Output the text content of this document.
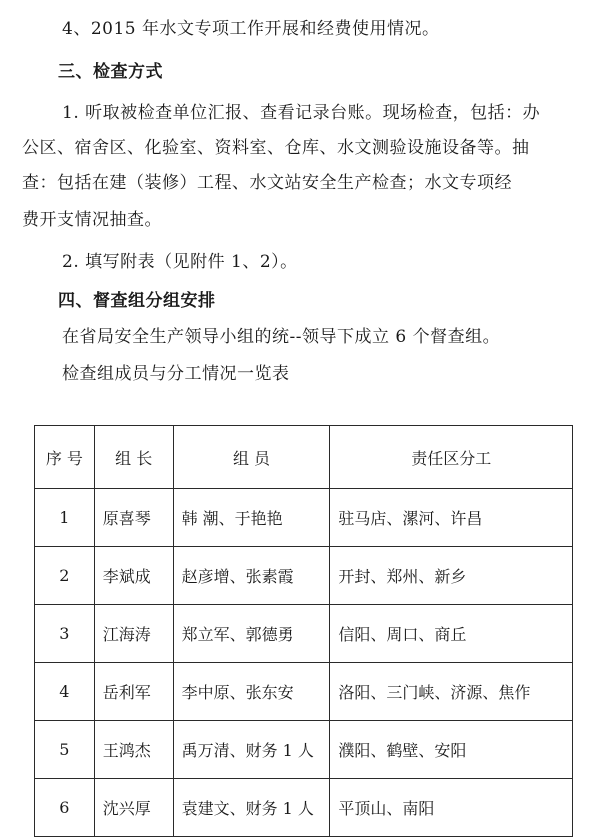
4、2015 年水文专项工作开展和经费使用情况。
三、检查方式
1. 听取被检查单位汇报、查看记录台账。现场检查，包括：办
公区、宿舍区、化验室、资料室、仓库、水文测验设施设备等。抽
查：包括在建（装修）工程、水文站安全生产检查；水文专项经
费开支情况抽查。
2. 填写附表（见附件 1、2）。
四、督查组分组安排
在省局安全生产领导小组的统--领导下成立 6 个督查组。
检查组成员与分工情况一览表
序 号	组 长	组 员	责任区分工
1	原喜琴	韩 潮、于艳艳	驻马店、漯河、许昌
2	李斌成	赵彦增、张素霞	开封、郑州、新乡
3	江海涛	郑立军、郭德勇	信阳、周口、商丘
4	岳利军	李中原、张东安	洛阳、三门峡、济源、焦作
5	王鸿杰	禹万清、财务 1 人	濮阳、鹤壁、安阳
6	沈兴厚	袁建文、财务 1 人	平顶山、南阳
